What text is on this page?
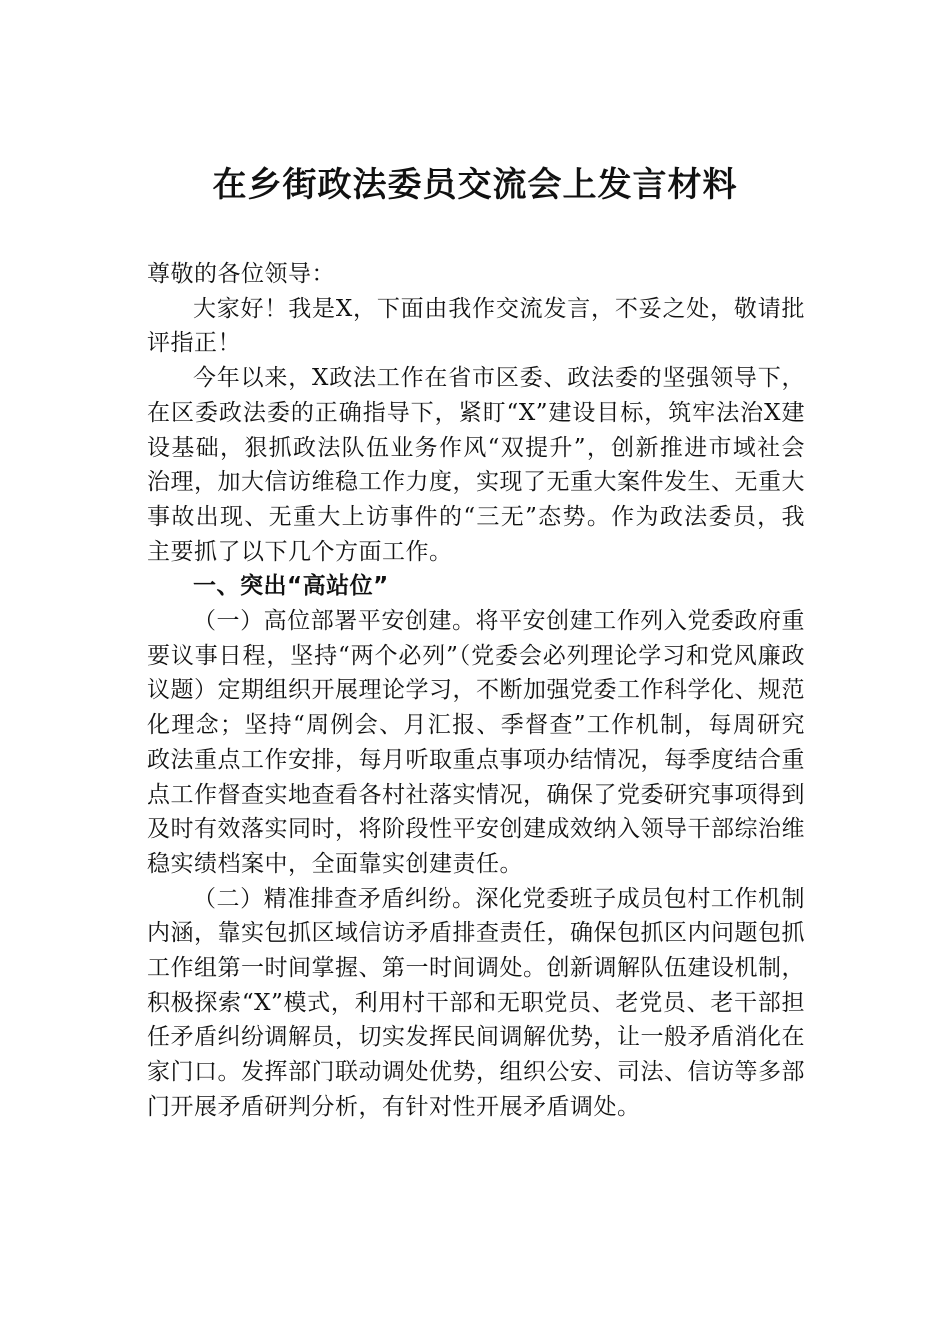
在乡街政法委员交流会上发言材料

尊敬的各位领导：

大家好！我是X，下面由我作交流发言，不妥之处，敬请批评指正！

今年以来，X政法工作在省市区委、政法委的坚强领导下，在区委政法委的正确指导下，紧盯“X”建设目标，筑牢法治X建设基础，狠抓政法队伍业务作风“双提升”，创新推进市域社会治理，加大信访维稳工作力度，实现了无重大案件发生、无重大事故出现、无重大上访事件的“三无”态势。作为政法委员，我主要抓了以下几个方面工作。

一、突出“高站位”

（一）高位部署平安创建。将平安创建工作列入党委政府重要议事日程，坚持“两个必列”（党委会必列理论学习和党风廉政议题）定期组织开展理论学习，不断加强党委工作科学化、规范化理念；坚持“周例会、月汇报、季督查”工作机制，每周研究政法重点工作安排，每月听取重点事项办结情况，每季度结合重点工作督查实地查看各村社落实情况，确保了党委研究事项得到及时有效落实同时，将阶段性平安创建成效纳入领导干部综治维稳实绩档案中，全面靠实创建责任。

（二）精准排查矛盾纠纷。深化党委班子成员包村工作机制内涵，靠实包抓区域信访矛盾排查责任，确保包抓区内问题包抓工作组第一时间掌握、第一时间调处。创新调解队伍建设机制，积极探索“X”模式，利用村干部和无职党员、老党员、老干部担任矛盾纠纷调解员，切实发挥民间调解优势，让一般矛盾消化在家门口。发挥部门联动调处优势，组织公安、司法、信访等多部门开展矛盾研判分析，有针对性开展矛盾调处。
